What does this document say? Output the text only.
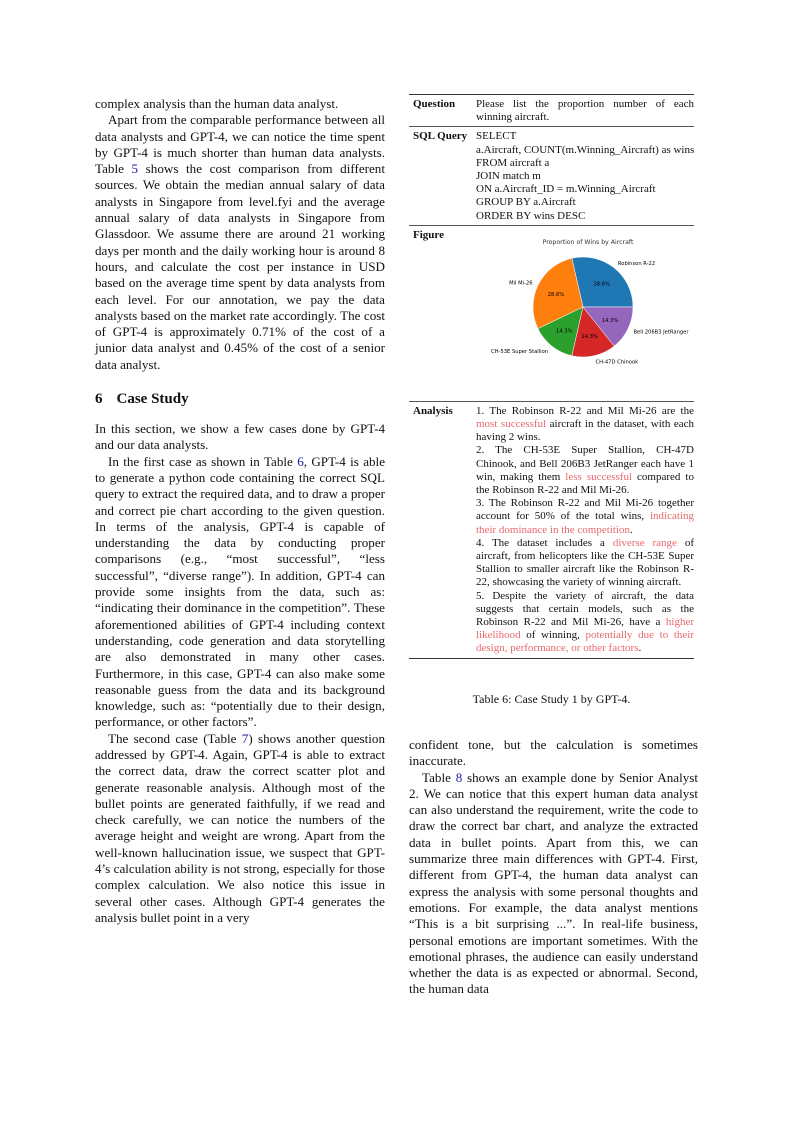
complex analysis than the human data analyst.

Apart from the comparable performance between all data analysts and GPT-4, we can notice the time spent by GPT-4 is much shorter than human data analysts. Table 5 shows the cost comparison from different sources. We obtain the median annual salary of data analysts in Singapore from level.fyi and the average annual salary of data analysts in Singapore from Glassdoor. We assume there are around 21 working days per month and the daily working hour is around 8 hours, and calculate the cost per instance in USD based on the average time spent by data analysts from each level. For our annotation, we pay the data analysts based on the market rate accordingly. The cost of GPT-4 is approximately 0.71% of the cost of a junior data analyst and 0.45% of the cost of a senior data analyst.

6 Case Study

In this section, we show a few cases done by GPT-4 and our data analysts.

In the first case as shown in Table 6, GPT-4 is able to generate a python code containing the correct SQL query to extract the required data, and to draw a proper and correct pie chart according to the given question. In terms of the analysis, GPT-4 is capable of understanding the data by conducting proper comparisons (e.g., “most successful”, “less successful”, “diverse range”). In addition, GPT-4 can provide some insights from the data, such as: “indicating their dominance in the competition”. These aforementioned abilities of GPT-4 including context understanding, code generation and data storytelling are also demonstrated in many other cases. Furthermore, in this case, GPT-4 can also make some reasonable guess from the data and its background knowledge, such as: “potentially due to their design, performance, or other factors”.

The second case (Table 7) shows another question addressed by GPT-4. Again, GPT-4 is able to extract the correct data, draw the correct scatter plot and generate reasonable analysis. Although most of the bullet points are generated faithfully, if we read and check carefully, we can notice the numbers of the average height and weight are wrong. Apart from the well-known hallucination issue, we suspect that GPT-4’s calculation ability is not strong, especially for those complex calculation. We also notice this issue in several other cases. Although GPT-4 generates the analysis bullet point in a very

Question	Please list the proportion number of each winning aircraft.
SQL Query SELECT
a.Aircraft, COUNT(m.Winning_Aircraft) as wins
FROM aircraft a
JOIN match m
ON a.Aircraft_ID = m.Winning_Aircraft
GROUP BY a.Aircraft
ORDER BY wins DESC
Figure
Proportion of Wins by Aircraft
28.6%
Robinson R-22
28.6%
Mil Mi-26
14.3%
CH-53E Super Stallion
14.3%
CH-47D Chinook
14.3%
Bell 206B3 JetRanger
Analysis	1. The Robinson R-22 and Mil Mi-26 are the most successful aircraft in the dataset, with each having 2 wins.
2. The CH-53E Super Stallion, CH-47D Chinook, and Bell 206B3 JetRanger each have 1 win, making them less successful compared to the Robinson R-22 and Mil Mi-26.
3. The Robinson R-22 and Mil Mi-26 together account for 50% of the total wins, indicating their dominance in the competition.
4. The dataset includes a diverse range of aircraft, from helicopters like the CH-53E Super Stallion to smaller aircraft like the Robinson R-22, showcasing the variety of winning aircraft.
5. Despite the variety of aircraft, the data suggests that certain models, such as the Robinson R-22 and Mil Mi-26, have a higher likelihood of winning, potentially due to their design, performance, or other factors.
Table 6: Case Study 1 by GPT-4.

confident tone, but the calculation is sometimes inaccurate.

Table 8 shows an example done by Senior Analyst 2. We can notice that this expert human data analyst can also understand the requirement, write the code to draw the correct bar chart, and analyze the extracted data in bullet points. Apart from this, we can summarize three main differences with GPT-4. First, different from GPT-4, the human data analyst can express the analysis with some personal thoughts and emotions. For example, the data analyst mentions “This is a bit surprising ...”. In real-life business, personal emotions are important sometimes. With the emotional phrases, the audience can easily understand whether the data is as expected or abnormal. Second, the human data
